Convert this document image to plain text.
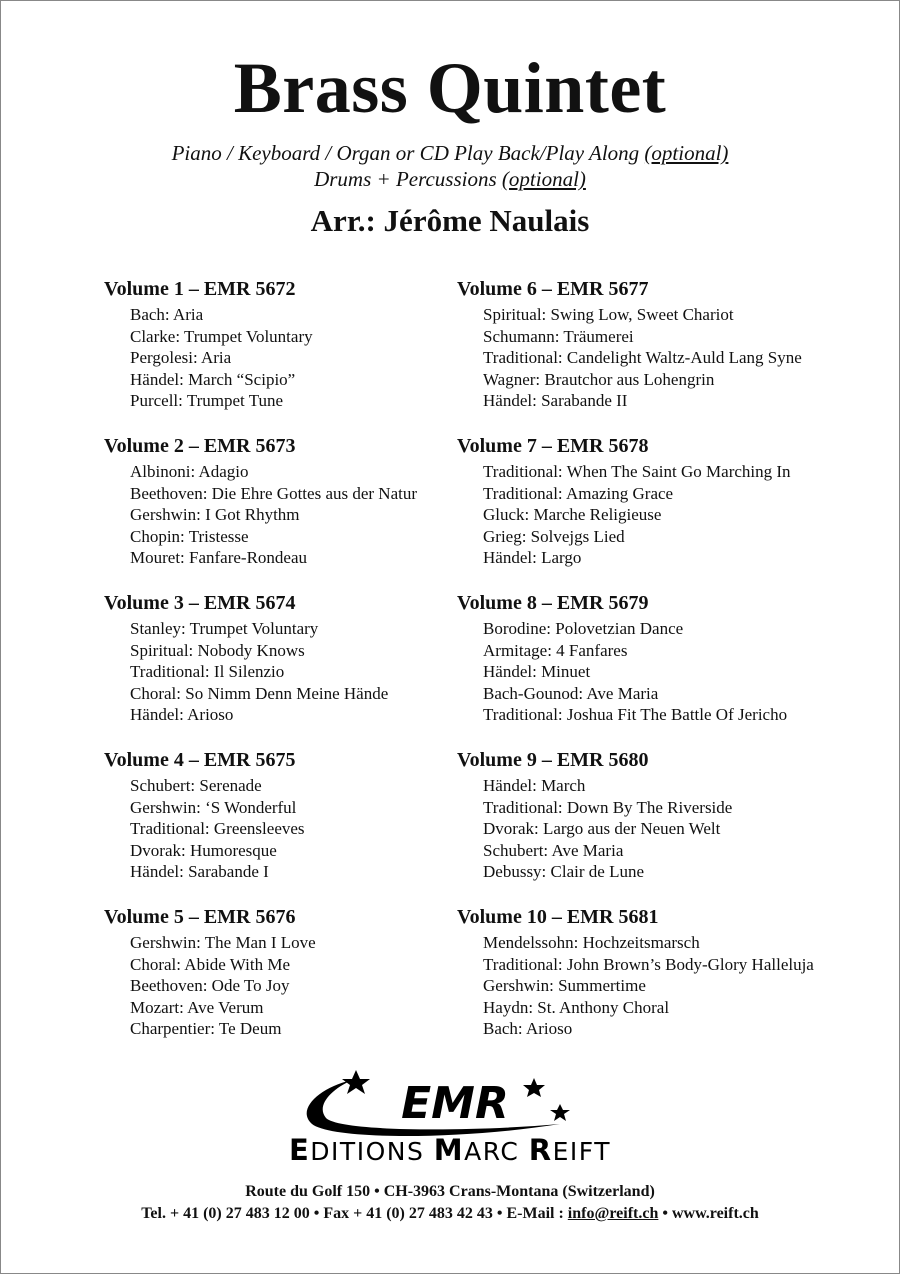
Brass Quintet
Piano / Keyboard / Organ or CD Play Back/Play Along (optional)
Drums + Percussions (optional)
Arr.: Jérôme Naulais
Volume 1 – EMR 5672
Bach: Aria
Clarke: Trumpet Voluntary
Pergolesi: Aria
Händel: March “Scipio”
Purcell: Trumpet Tune
Volume 2 – EMR 5673
Albinoni: Adagio
Beethoven: Die Ehre Gottes aus der Natur
Gershwin: I Got Rhythm
Chopin: Tristesse
Mouret: Fanfare-Rondeau
Volume 3 – EMR 5674
Stanley: Trumpet Voluntary
Spiritual: Nobody Knows
Traditional: Il Silenzio
Choral: So Nimm Denn Meine Hände
Händel: Arioso
Volume 4 – EMR 5675
Schubert: Serenade
Gershwin: ‘S Wonderful
Traditional: Greensleeves
Dvorak: Humoresque
Händel: Sarabande I
Volume 5 – EMR 5676
Gershwin: The Man I Love
Choral: Abide With Me
Beethoven: Ode To Joy
Mozart: Ave Verum
Charpentier: Te Deum
Volume 6 – EMR 5677
Spiritual: Swing Low, Sweet Chariot
Schumann: Träumerei
Traditional: Candelight Waltz-Auld Lang Syne
Wagner: Brautchor aus Lohengrin
Händel: Sarabande II
Volume 7 – EMR 5678
Traditional: When The Saint Go Marching In
Traditional: Amazing Grace
Gluck: Marche Religieuse
Grieg: Solvejgs Lied
Händel: Largo
Volume 8 – EMR 5679
Borodine: Polovetzian Dance
Armitage: 4 Fanfares
Händel: Minuet
Bach-Gounod: Ave Maria
Traditional: Joshua Fit The Battle Of Jericho
Volume 9 – EMR 5680
Händel: March
Traditional: Down By The Riverside
Dvorak: Largo aus der Neuen Welt
Schubert: Ave Maria
Debussy: Clair de Lune
Volume 10 – EMR 5681
Mendelssohn: Hochzeitsmarsch
Traditional: John Brown’s Body-Glory Halleluja
Gershwin: Summertime
Haydn: St. Anthony Choral
Bach: Arioso
EMR
EDITIONS MARC REIFT
Route du Golf 150 • CH-3963 Crans-Montana (Switzerland)
Tel. + 41 (0) 27 483 12 00 • Fax + 41 (0) 27 483 42 43 • E-Mail : info@reift.ch • www.reift.ch
